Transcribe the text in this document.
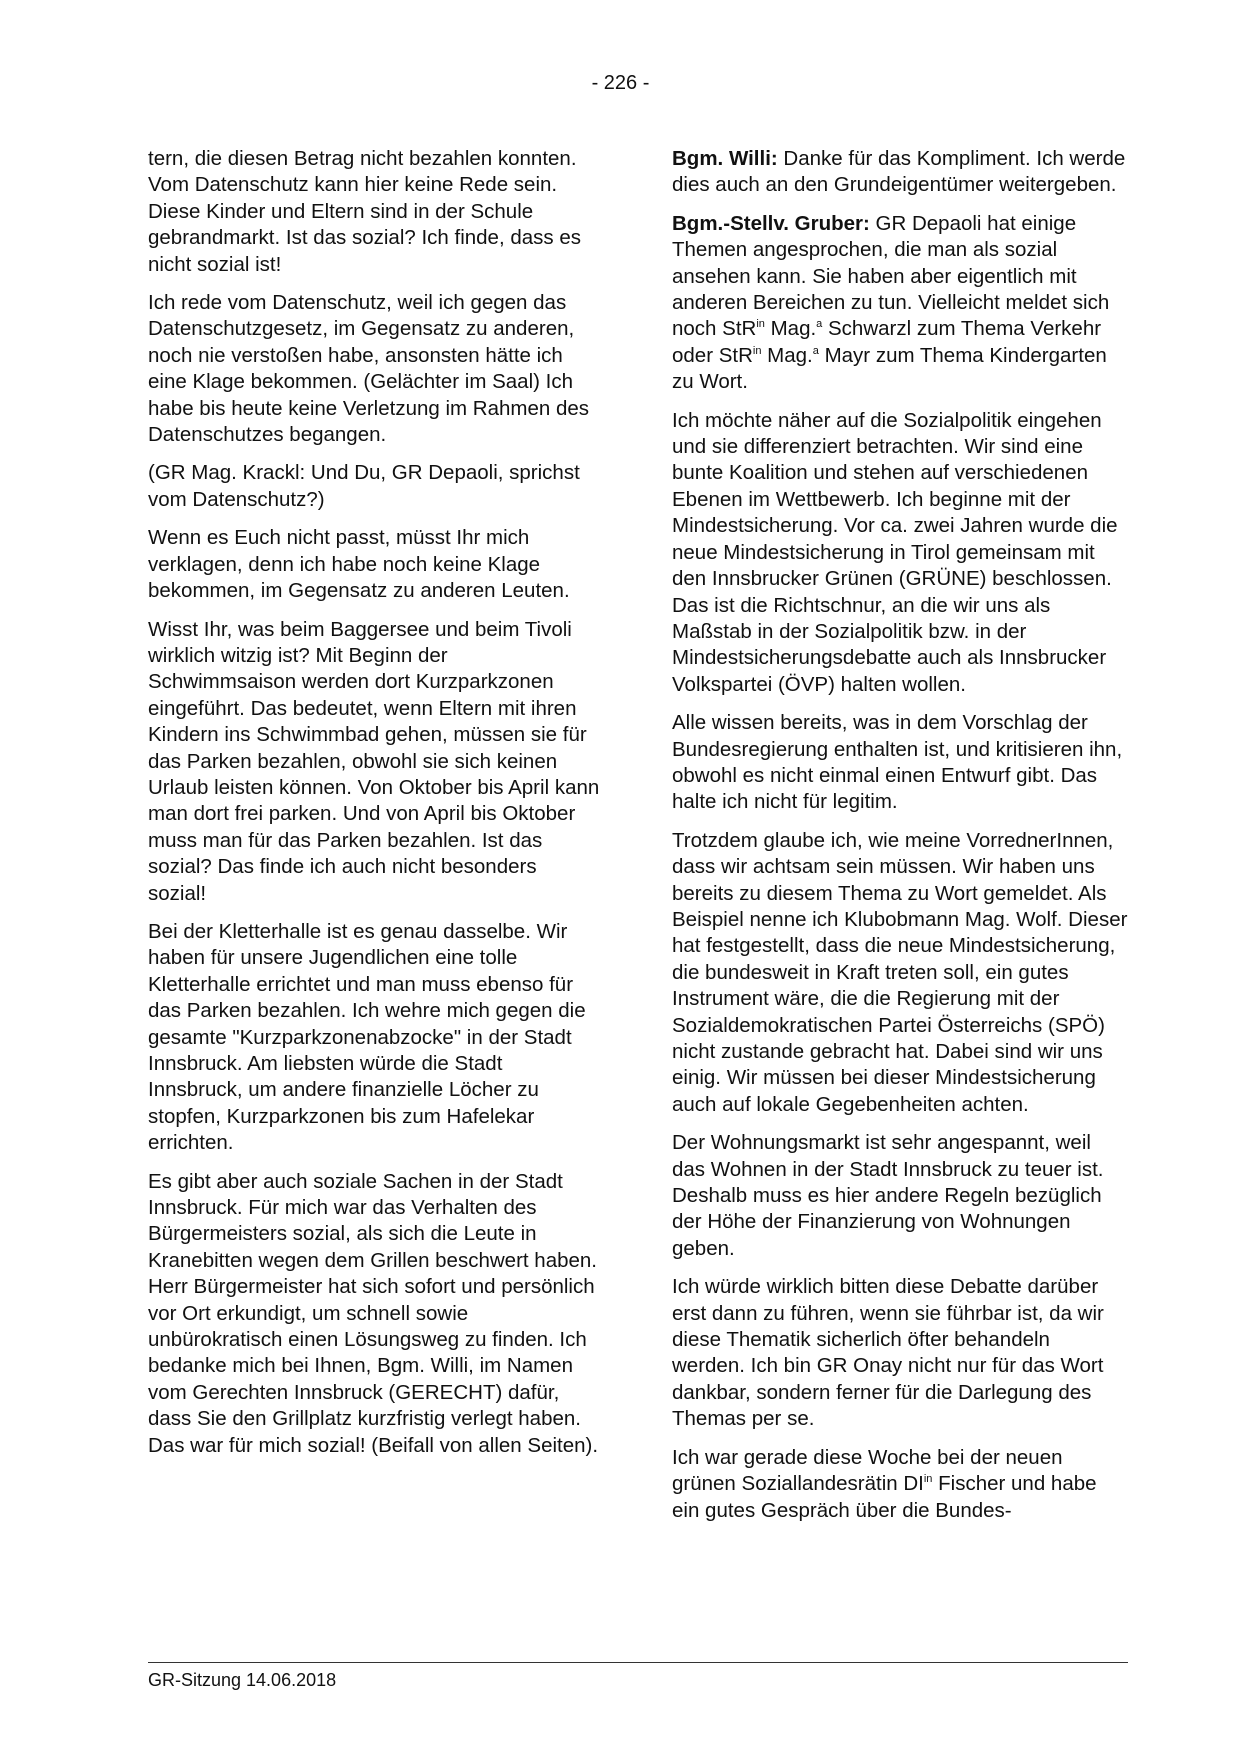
- 226 -

tern, die diesen Betrag nicht bezahlen konnten. Vom Datenschutz kann hier keine Rede sein. Diese Kinder und Eltern sind in der Schule gebrandmarkt. Ist das sozial? Ich finde, dass es nicht sozial ist!

Ich rede vom Datenschutz, weil ich gegen das Datenschutzgesetz, im Gegensatz zu anderen, noch nie verstoßen habe, ansonsten hätte ich eine Klage bekommen. (Gelächter im Saal) Ich habe bis heute keine Verletzung im Rahmen des Datenschutzes begangen.

(GR Mag. Krackl: Und Du, GR Depaoli, sprichst vom Datenschutz?)

Wenn es Euch nicht passt, müsst Ihr mich verklagen, denn ich habe noch keine Klage bekommen, im Gegensatz zu anderen Leuten.

Wisst Ihr, was beim Baggersee und beim Tivoli wirklich witzig ist? Mit Beginn der Schwimmsaison werden dort Kurzparkzonen eingeführt. Das bedeutet, wenn Eltern mit ihren Kindern ins Schwimmbad gehen, müssen sie für das Parken bezahlen, obwohl sie sich keinen Urlaub leisten können. Von Oktober bis April kann man dort frei parken. Und von April bis Oktober muss man für das Parken bezahlen. Ist das sozial? Das finde ich auch nicht besonders sozial!

Bei der Kletterhalle ist es genau dasselbe. Wir haben für unsere Jugendlichen eine tolle Kletterhalle errichtet und man muss ebenso für das Parken bezahlen. Ich wehre mich gegen die gesamte "Kurzparkzonenabzocke" in der Stadt Innsbruck. Am liebsten würde die Stadt Innsbruck, um andere finanzielle Löcher zu stopfen, Kurzparkzonen bis zum Hafelekar errichten.

Es gibt aber auch soziale Sachen in der Stadt Innsbruck. Für mich war das Verhalten des Bürgermeisters sozial, als sich die Leute in Kranebitten wegen dem Grillen beschwert haben. Herr Bürgermeister hat sich sofort und persönlich vor Ort erkundigt, um schnell sowie unbürokratisch einen Lösungsweg zu finden. Ich bedanke mich bei Ihnen, Bgm. Willi, im Namen vom Gerechten Innsbruck (GERECHT) dafür, dass Sie den Grillplatz kurzfristig verlegt haben. Das war für mich sozial! (Beifall von allen Seiten).

Bgm. Willi: Danke für das Kompliment. Ich werde dies auch an den Grundeigentümer weitergeben.

Bgm.-Stellv. Gruber: GR Depaoli hat einige Themen angesprochen, die man als sozial ansehen kann. Sie haben aber eigentlich mit anderen Bereichen zu tun. Vielleicht meldet sich noch StR$^{in}$ Mag.$^a$ Schwarzl zum Thema Verkehr oder StR$^{in}$ Mag.$^a$ Mayr zum Thema Kindergarten zu Wort.

Ich möchte näher auf die Sozialpolitik eingehen und sie differenziert betrachten. Wir sind eine bunte Koalition und stehen auf verschiedenen Ebenen im Wettbewerb. Ich beginne mit der Mindestsicherung. Vor ca. zwei Jahren wurde die neue Mindestsicherung in Tirol gemeinsam mit den Innsbrucker Grünen (GRÜNE) beschlossen. Das ist die Richtschnur, an die wir uns als Maßstab in der Sozialpolitik bzw. in der Mindestsicherungsdebatte auch als Innsbrucker Volkspartei (ÖVP) halten wollen.

Alle wissen bereits, was in dem Vorschlag der Bundesregierung enthalten ist, und kritisieren ihn, obwohl es nicht einmal einen Entwurf gibt. Das halte ich nicht für legitim.

Trotzdem glaube ich, wie meine VorrednerInnen, dass wir achtsam sein müssen. Wir haben uns bereits zu diesem Thema zu Wort gemeldet. Als Beispiel nenne ich Klubobmann Mag. Wolf. Dieser hat festgestellt, dass die neue Mindestsicherung, die bundesweit in Kraft treten soll, ein gutes Instrument wäre, die die Regierung mit der Sozialdemokratischen Partei Österreichs (SPÖ) nicht zustande gebracht hat. Dabei sind wir uns einig. Wir müssen bei dieser Mindestsicherung auch auf lokale Gegebenheiten achten.

Der Wohnungsmarkt ist sehr angespannt, weil das Wohnen in der Stadt Innsbruck zu teuer ist. Deshalb muss es hier andere Regeln bezüglich der Höhe der Finanzierung von Wohnungen geben.

Ich würde wirklich bitten diese Debatte darüber erst dann zu führen, wenn sie führbar ist, da wir diese Thematik sicherlich öfter behandeln werden. Ich bin GR Onay nicht nur für das Wort dankbar, sondern ferner für die Darlegung des Themas per se.

Ich war gerade diese Woche bei der neuen grünen Soziallandesrätin $DI^{in}$ Fischer und habe ein gutes Gespräch über die Bundes-

GR-Sitzung 14.06.2018
